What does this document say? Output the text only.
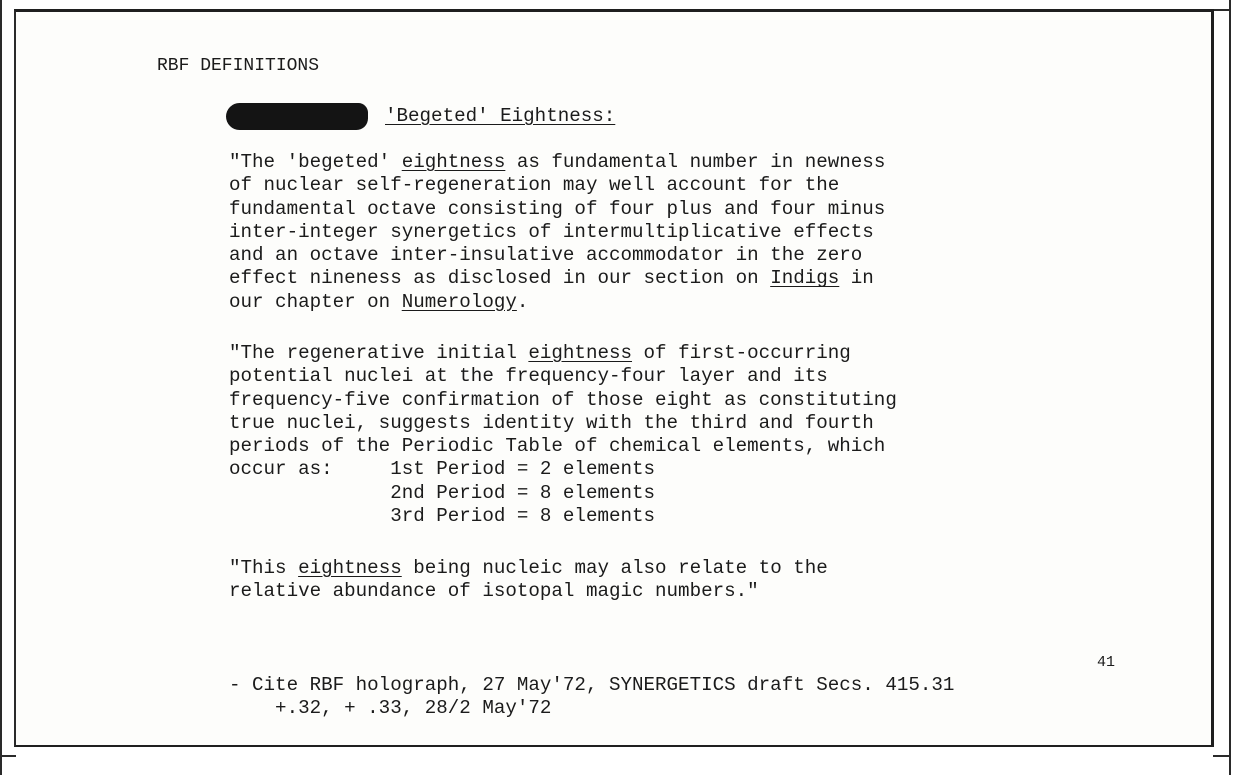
RBF DEFINITIONS
'Begeted' Eightness:
"The 'begeted' eightness as fundamental number in newness
of nuclear self-regeneration may well account for the
fundamental octave consisting of four plus and four minus
inter-integer synergetics of intermultiplicative effects
and an octave inter-insulative accommodator in the zero
effect nineness as disclosed in our section on Indigs in
our chapter on Numerology.
"The regenerative initial eightness of first-occurring
potential nuclei at the frequency-four layer and its
frequency-five confirmation of those eight as constituting
true nuclei, suggests identity with the third and fourth
periods of the Periodic Table of chemical elements, which
occur as:     1st Period = 2 elements
2nd Period = 8 elements
3rd Period = 8 elements
"This eightness being nucleic may also relate to the
relative abundance of isotopal magic numbers."
- Cite RBF holograph, 27 May'72, SYNERGETICS draft Secs. 415.31
+.32, + .33, 28/2 May'72
41
